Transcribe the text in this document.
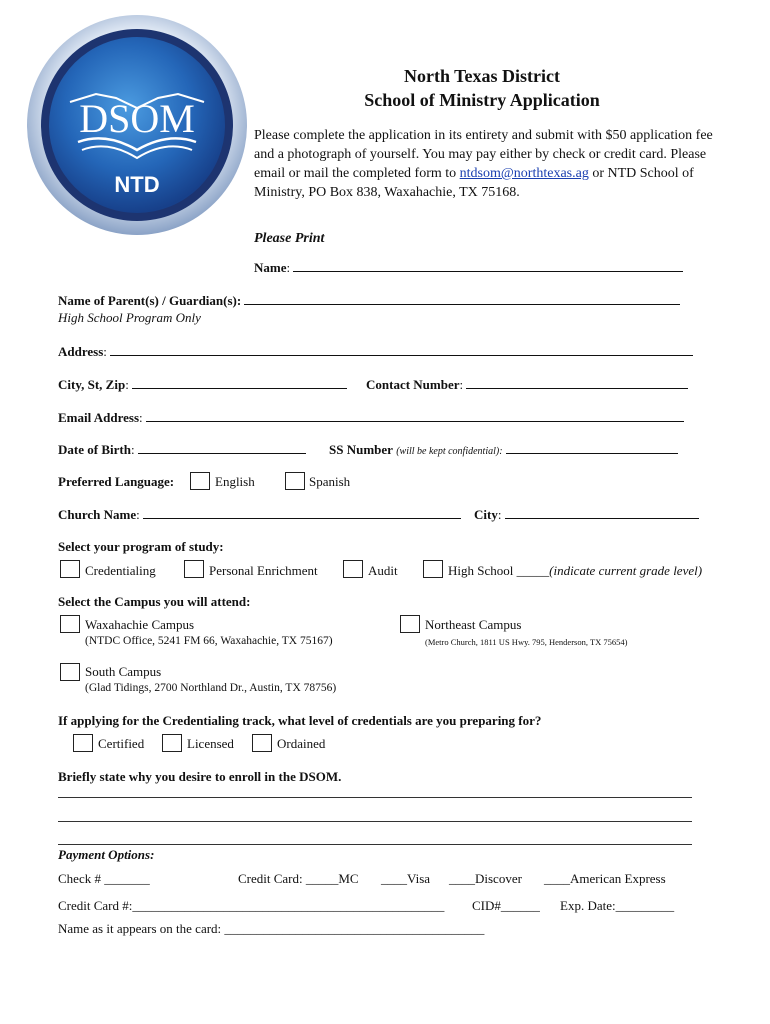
DSOM
NTD
North Texas District
School of Ministry Application
Please complete the application in its entirety and submit with $50 application fee and a photograph of yourself. You may pay either by check or credit card. Please email or mail the completed form to ntdsom@northtexas.ag or NTD School of Ministry, PO Box 838, Waxahachie, TX 75168.
Please Print
Name:
Name of Parent(s) / Guardian(s):
High School Program Only
Address:
City, St, Zip:	Contact Number:
Email Address:
Date of Birth:	SS Number (will be kept confidential):
Preferred Language:	English	Spanish
Church Name:	City:
Select your program of study:
Credentialing	Personal Enrichment	Audit	High School _____(indicate current grade level)
Select the Campus you will attend:
Waxahachie Campus
(NTDC Office, 5241 FM 66, Waxahachie, TX 75167)
Northeast Campus
(Metro Church, 1811 US Hwy. 795, Henderson, TX 75654)
South Campus
(Glad Tidings, 2700 Northland Dr., Austin, TX 78756)
If applying for the Credentialing track, what level of credentials are you preparing for?
Certified	Licensed	Ordained
Briefly state why you desire to enroll in the DSOM.
Payment Options:
Check # _______	Credit Card: _____MC ____Visa ____Discover ____American Express
Credit Card #:________________________________________________ CID#______ Exp. Date:_________
Name as it appears on the card: ________________________________________
